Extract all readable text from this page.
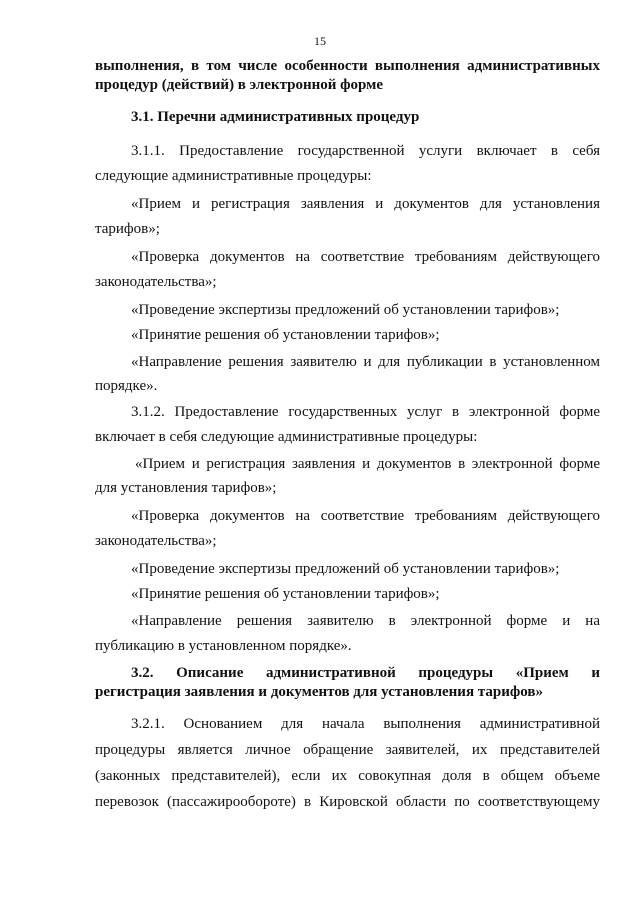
15
выполнения, в том числе особенности выполнения административных
процедур (действий) в электронной форме
3.1. Перечни административных процедур
3.1.1. Предоставление государственной услуги включает в себя
следующие административные процедуры:
«Прием и регистрация заявления и документов для установления
тарифов»;
«Проверка документов на соответствие требованиям действующего
законодательства»;
«Проведение экспертизы предложений об установлении тарифов»;
«Принятие решения об установлении тарифов»;
«Направление решения заявителю и для публикации в установленном
порядке».
3.1.2. Предоставление государственных услуг в электронной форме
включает в себя следующие административные процедуры:
«Прием и регистрация заявления и документов в электронной форме
для установления тарифов»;
«Проверка документов на соответствие требованиям действующего
законодательства»;
«Проведение экспертизы предложений об установлении тарифов»;
«Принятие решения об установлении тарифов»;
«Направление решения заявителю в электронной форме и на
публикацию в установленном порядке».
3.2. Описание административной процедуры «Прием и
регистрация заявления и документов для установления тарифов»
3.2.1. Основанием для начала выполнения административной
процедуры является личное обращение заявителей, их представителей
(законных представителей), если их совокупная доля в общем объеме
перевозок (пассажирообороте) в Кировской области по соответствующему
